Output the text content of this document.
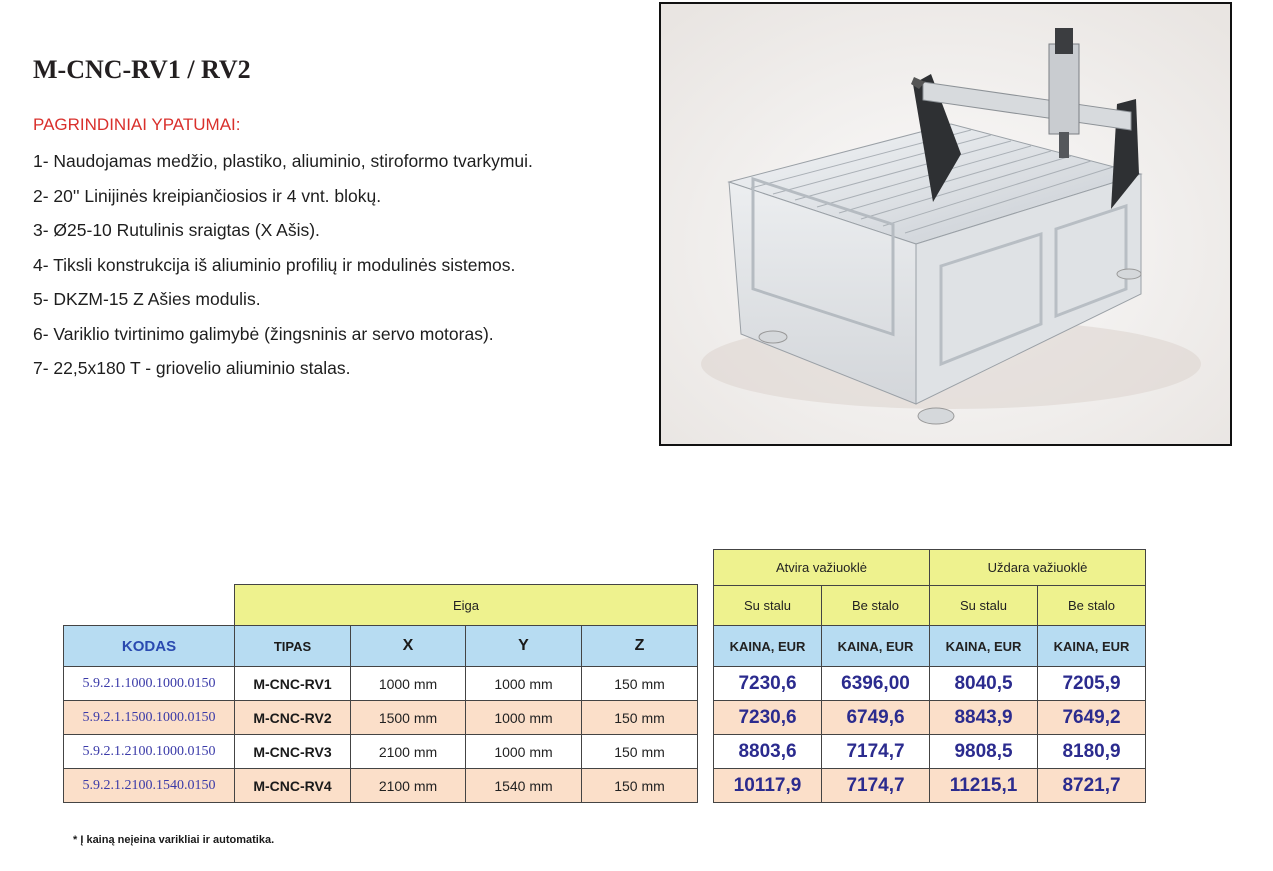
M-CNC-RV1 / RV2
PAGRINDINIAI YPATUMAI:
1- Naudojamas medžio, plastiko, aliuminio, stiroformo tvarkymui.
2- 20'' Linijinės kreipiančiosios ir 4 vnt. blokų.
3- Ø25-10 Rutulinis sraigtas (X Ašis).
4- Tiksli konstrukcija iš aliuminio profilių ir modulinės sistemos.
5- DKZM-15 Z Ašies modulis.
6- Variklio tvirtinimo galimybė (žingsninis ar servo motoras).
7- 22,5x180 T - griovelio aliuminio stalas.
	Eiga			
KODAS	TIPAS	X	Y	Z
5.9.2.1.1000.1000.0150	M-CNC-RV1	1000 mm	1000 mm	150 mm
5.9.2.1.1500.1000.0150	M-CNC-RV2	1500 mm	1000 mm	150 mm
5.9.2.1.2100.1000.0150	M-CNC-RV3	2100 mm	1000 mm	150 mm
5.9.2.1.2100.1540.0150	M-CNC-RV4	2100 mm	1540 mm	150 mm
Atvira važiuoklė		Uždara važiuoklė	
Su stalu	Be stalo	Su stalu	Be stalo
KAINA, EUR	KAINA, EUR	KAINA, EUR	KAINA, EUR
7230,6	6396,00	8040,5	7205,9
7230,6	6749,6	8843,9	7649,2
8803,6	7174,7	9808,5	8180,9
10117,9	7174,7	11215,1	8721,7
* Į kainą neįeina varikliai ir automatika.
